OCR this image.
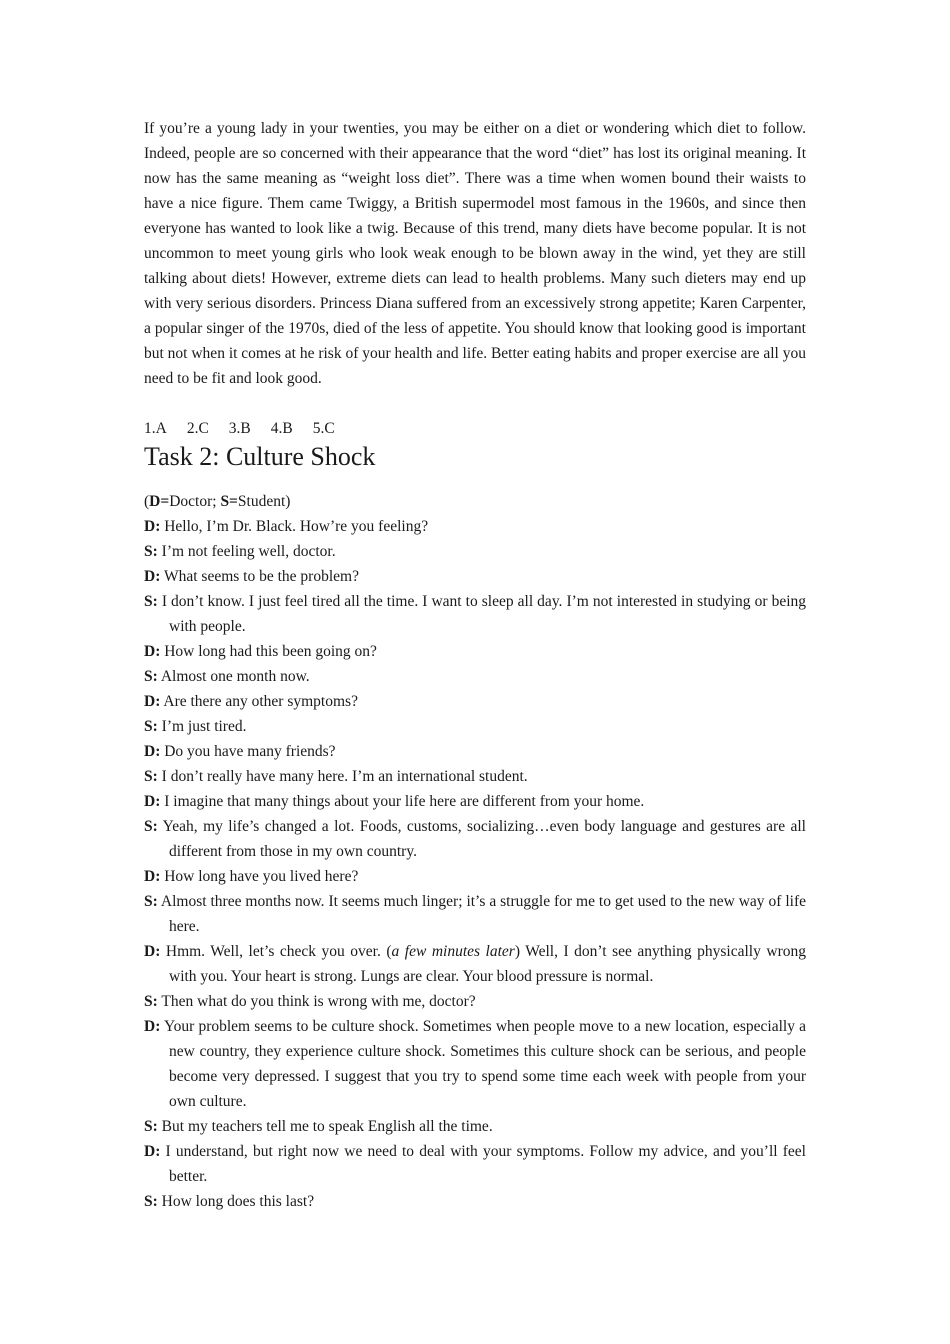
If you’re a young lady in your twenties, you may be either on a diet or wondering which diet to follow. Indeed, people are so concerned with their appearance that the word “diet” has lost its original meaning. It now has the same meaning as “weight loss diet”. There was a time when women bound their waists to have a nice figure. Them came Twiggy, a British supermodel most famous in the 1960s, and since then everyone has wanted to look like a twig. Because of this trend, many diets have become popular. It is not uncommon to meet young girls who look weak enough to be blown away in the wind, yet they are still talking about diets! However, extreme diets can lead to health problems. Many such dieters may end up with very serious disorders. Princess Diana suffered from an excessively strong appetite; Karen Carpenter, a popular singer of the 1970s, died of the less of appetite. You should know that looking good is important but not when it comes at he risk of your health and life. Better eating habits and proper exercise are all you need to be fit and look good.

1.A 2.C 3.B 4.B 5.C
Task 2: Culture Shock

(D=Doctor; S=Student)

D: Hello, I’m Dr. Black. How’re you feeling?

S: I’m not feeling well, doctor.

D: What seems to be the problem?

S: I don’t know. I just feel tired all the time. I want to sleep all day. I’m not interested in studying or being with people.

D: How long had this been going on?

S: Almost one month now.

D: Are there any other symptoms?

S: I’m just tired.

D: Do you have many friends?

S: I don’t really have many here. I’m an international student.

D: I imagine that many things about your life here are different from your home.

S: Yeah, my life’s changed a lot. Foods, customs, socializing…even body language and gestures are all different from those in my own country.

D: How long have you lived here?

S: Almost three months now. It seems much linger; it’s a struggle for me to get used to the new way of life here.

D: Hmm. Well, let’s check you over. (a few minutes later) Well, I don’t see anything physically wrong with you. Your heart is strong. Lungs are clear. Your blood pressure is normal.

S: Then what do you think is wrong with me, doctor?

D: Your problem seems to be culture shock. Sometimes when people move to a new location, especially a new country, they experience culture shock. Sometimes this culture shock can be serious, and people become very depressed. I suggest that you try to spend some time each week with people from your own culture.

S: But my teachers tell me to speak English all the time.

D: I understand, but right now we need to deal with your symptoms. Follow my advice, and you’ll feel better.

S: How long does this last?
